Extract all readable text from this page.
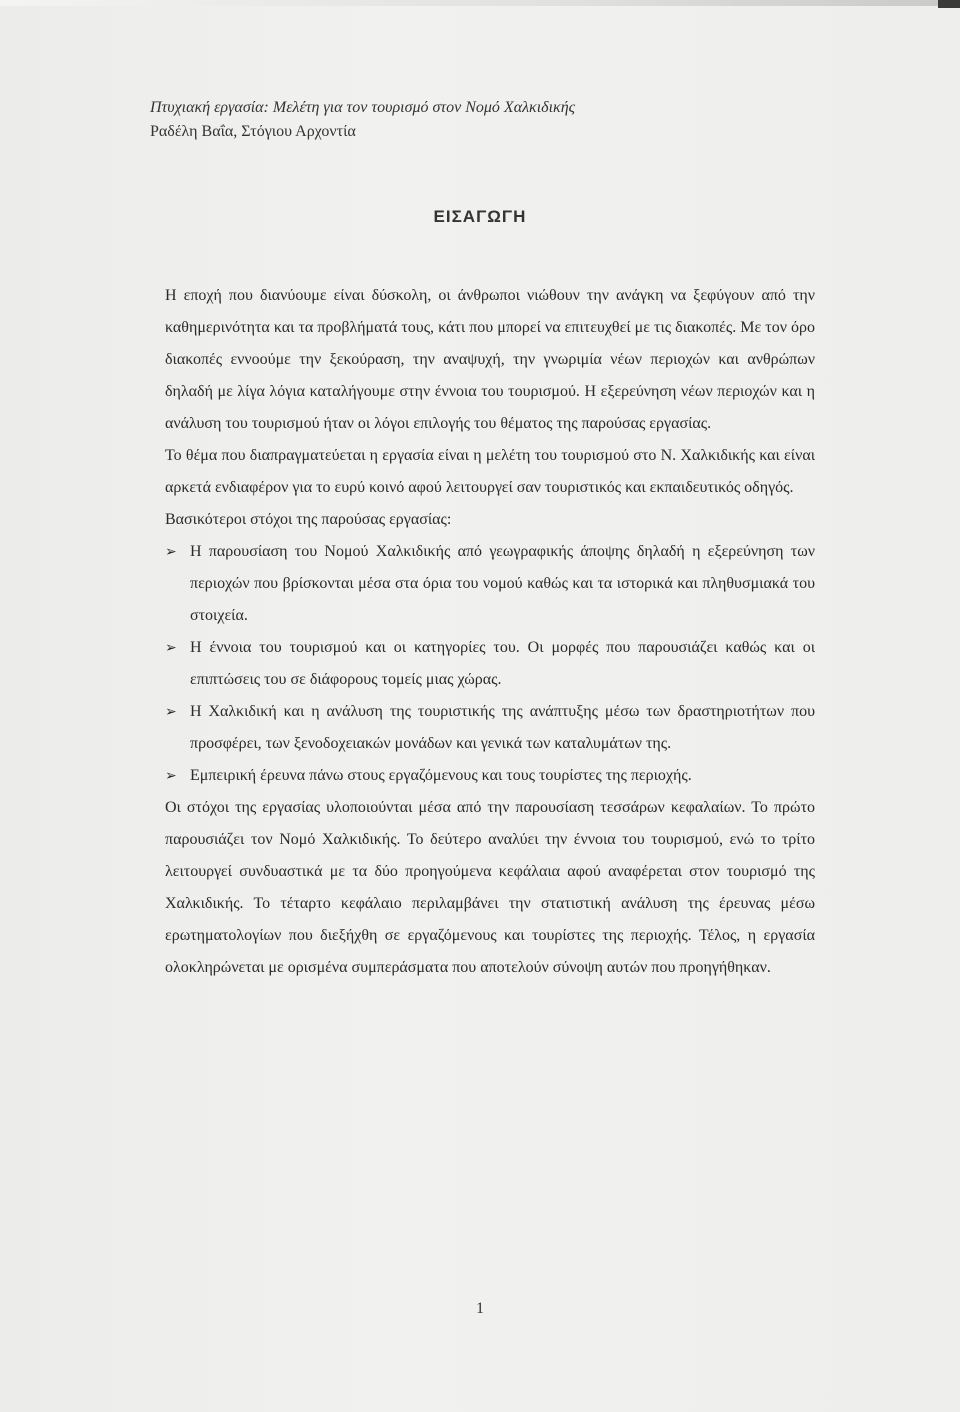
Πτυχιακή εργασία: Μελέτη για τον τουρισμό στον Νομό Χαλκιδικής
Ραδέλη Βαΐα, Στόγιου Αρχοντία
ΕΙΣΑΓΩΓΗ

Η εποχή που διανύουμε είναι δύσκολη, οι άνθρωποι νιώθουν την ανάγκη να ξεφύγουν από την καθημερινότητα και τα προβλήματά τους, κάτι που μπορεί να επιτευχθεί με τις διακοπές. Με τον όρο διακοπές εννοούμε την ξεκούραση, την αναψυχή, την γνωριμία νέων περιοχών και ανθρώπων δηλαδή με λίγα λόγια καταλήγουμε στην έννοια του τουρισμού. Η εξερεύνηση νέων περιοχών και η ανάλυση του τουρισμού ήταν οι λόγοι επιλογής του θέματος της παρούσας εργασίας.

Το θέμα που διαπραγματεύεται η εργασία είναι η μελέτη του τουρισμού στο Ν. Χαλκιδικής και είναι αρκετά ενδιαφέρον για το ευρύ κοινό αφού λειτουργεί σαν τουριστικός και εκπαιδευτικός οδηγός.

Βασικότεροι στόχοι της παρούσας εργασίας:

➢ Η παρουσίαση του Νομού Χαλκιδικής από γεωγραφικής άποψης δηλαδή η εξερεύνηση των περιοχών που βρίσκονται μέσα στα όρια του νομού καθώς και τα ιστορικά και πληθυσμιακά του στοιχεία.

➢ Η έννοια του τουρισμού και οι κατηγορίες του. Οι μορφές που παρουσιάζει καθώς και οι επιπτώσεις του σε διάφορους τομείς μιας χώρας.

➢ Η Χαλκιδική και η ανάλυση της τουριστικής της ανάπτυξης μέσω των δραστηριοτήτων που προσφέρει, των ξενοδοχειακών μονάδων και γενικά των καταλυμάτων της.

➢ Εμπειρική έρευνα πάνω στους εργαζόμενους και τους τουρίστες της περιοχής.

Οι στόχοι της εργασίας υλοποιούνται μέσα από την παρουσίαση τεσσάρων κεφαλαίων. Το πρώτο παρουσιάζει τον Νομό Χαλκιδικής. Το δεύτερο αναλύει την έννοια του τουρισμού, ενώ το τρίτο λειτουργεί συνδυαστικά με τα δύο προηγούμενα κεφάλαια αφού αναφέρεται στον τουρισμό της Χαλκιδικής. Το τέταρτο κεφάλαιο περιλαμβάνει την στατιστική ανάλυση της έρευνας μέσω ερωτηματολογίων που διεξήχθη σε εργαζόμενους και τουρίστες της περιοχής. Τέλος, η εργασία ολοκληρώνεται με ορισμένα συμπεράσματα που αποτελούν σύνοψη αυτών που προηγήθηκαν.

1
